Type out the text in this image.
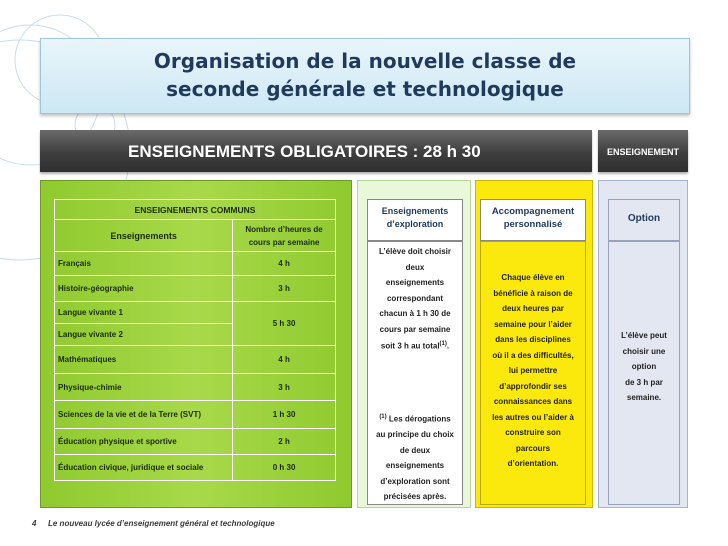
Organisation de la nouvelle classe de
seconde générale et technologique
ENSEIGNEMENTS OBLIGATOIRES : 28 h 30	ENSEIGNEMENT

ENSEIGNEMENTS COMMUNS	
Enseignements	Nombre d’heures de
cours par semaine
Français	4 h
Histoire-géographie	3 h
Langue vivante 1	5 h 30
Langue vivante 2	
Mathématiques	4 h
Physique-chimie	3 h
Sciences de la vie et de la Terre (SVT)	1 h 30
Éducation physique et sportive	2 h
Éducation civique, juridique et sociale	0 h 30
Enseignements
d’exploration
L’élève doit choisir
deux
enseignements
correspondant
chacun à 1 h 30 de
cours par semaine
soit 3 h au total$^{(1)}$.
$^{(1)}$ Les dérogations
au principe du choix
de deux
enseignements
d’exploration sont
précisées après.
Accompagnement
personnalisé
Chaque élève en
bénéficie à raison de
deux heures par
semaine pour l’aider
dans les disciplines
où il a des difficultés,
lui permettre
d’approfondir ses
connaissances dans
les autres ou l’aider à
construire son
parcours
d’orientation.
Option
L’élève peut
choisir une
option
de 3 h par
semaine.
4 Le nouveau lycée d’enseignement général et technologique
